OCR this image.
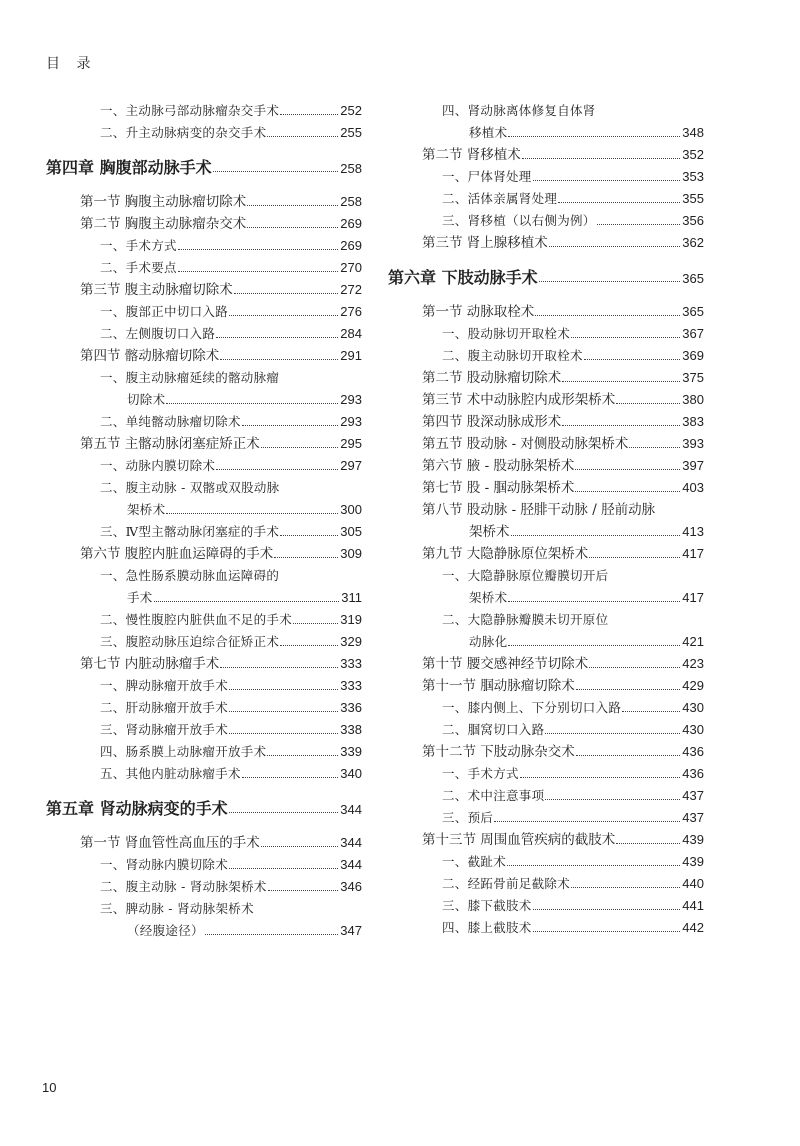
目 录
一、主动脉弓部动脉瘤杂交手术	252
二、升主动脉病变的杂交手术	255
第四章 胸腹部动脉手术	258
第一节 胸腹主动脉瘤切除术	258
第二节 胸腹主动脉瘤杂交术	269
一、手术方式	269
二、手术要点	270
第三节 腹主动脉瘤切除术	272
一、腹部正中切口入路	276
二、左侧腹切口入路	284
第四节 髂动脉瘤切除术	291
一、腹主动脉瘤延续的髂动脉瘤
切除术	293
二、单纯髂动脉瘤切除术	293
第五节 主髂动脉闭塞症矫正术	295
一、动脉内膜切除术	297
二、腹主动脉 - 双髂或双股动脉
架桥术	300
三、Ⅳ型主髂动脉闭塞症的手术	305
第六节 腹腔内脏血运障碍的手术	309
一、急性肠系膜动脉血运障碍的
手术	311
二、慢性腹腔内脏供血不足的手术	319
三、腹腔动脉压迫综合征矫正术	329
第七节 内脏动脉瘤手术	333
一、脾动脉瘤开放手术	333
二、肝动脉瘤开放手术	336
三、肾动脉瘤开放手术	338
四、肠系膜上动脉瘤开放手术	339
五、其他内脏动脉瘤手术	340
第五章 肾动脉病变的手术	344
第一节 肾血管性高血压的手术	344
一、肾动脉内膜切除术	344
二、腹主动脉 - 肾动脉架桥术	346
三、脾动脉 - 肾动脉架桥术
（经腹途径）	347
四、肾动脉离体修复自体肾
移植术	348
第二节 肾移植术	352
一、尸体肾处理	353
二、活体亲属肾处理	355
三、肾移植（以右侧为例）	356
第三节 肾上腺移植术	362
第六章 下肢动脉手术	365
第一节 动脉取栓术	365
一、股动脉切开取栓术	367
二、腹主动脉切开取栓术	369
第二节 股动脉瘤切除术	375
第三节 术中动脉腔内成形架桥术	380
第四节 股深动脉成形术	383
第五节 股动脉 - 对侧股动脉架桥术	393
第六节 腋 - 股动脉架桥术	397
第七节 股 - 腘动脉架桥术	403
第八节 股动脉 - 胫腓干动脉 / 胫前动脉
架桥术	413
第九节 大隐静脉原位架桥术	417
一、大隐静脉原位瓣膜切开后
架桥术	417
二、大隐静脉瓣膜未切开原位
动脉化	421
第十节 腰交感神经节切除术	423
第十一节 腘动脉瘤切除术	429
一、膝内侧上、下分别切口入路	430
二、腘窝切口入路	430
第十二节 下肢动脉杂交术	436
一、手术方式	436
二、术中注意事项	437
三、预后	437
第十三节 周围血管疾病的截肢术	439
一、截趾术	439
二、经跖骨前足截除术	440
三、膝下截肢术	441
四、膝上截肢术	442
10
